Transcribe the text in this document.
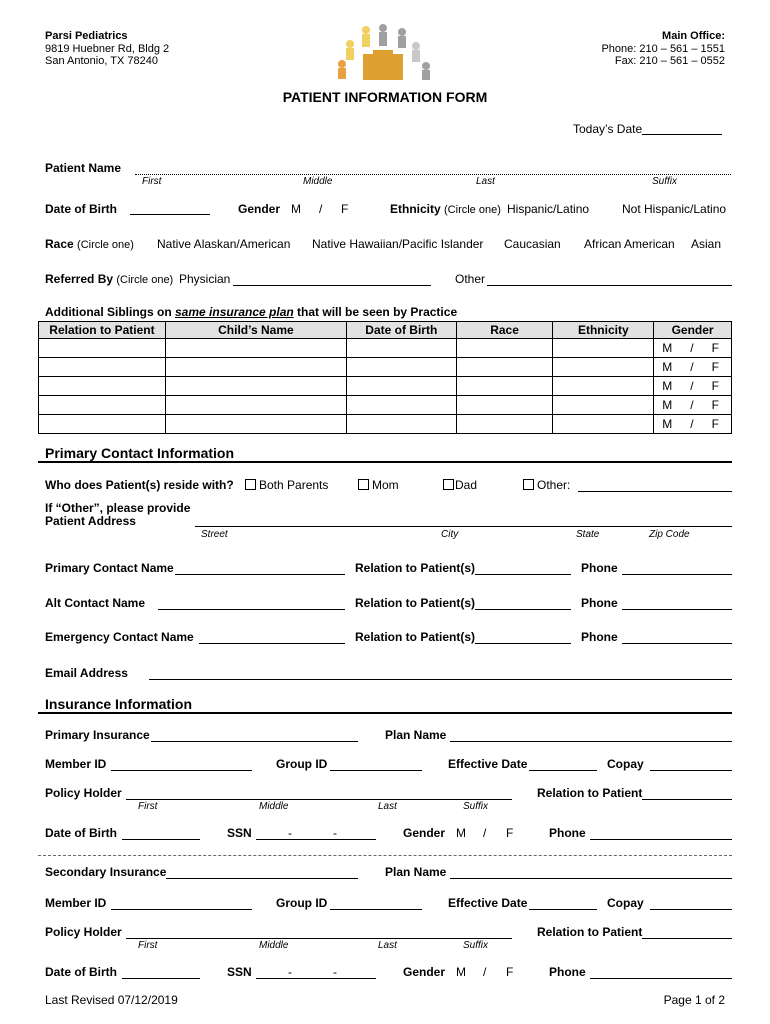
Parsi Pediatrics
9819 Huebner Rd, Bldg 2
San Antonio, TX 78240
Main Office:
Phone: 210 – 561 – 1551
Fax: 210 – 561 – 0552
PATIENT INFORMATION FORM
Today’s Date
Patient Name
First	Middle	Last	Suffix
Date of Birth	Gender M / F	Ethnicity (Circle one) Hispanic/Latino	Not Hispanic/Latino
Race (Circle one) Native Alaskan/American Native Hawaiian/Pacific Islander Caucasian African American Asian
Referred By (Circle one) Physician	Other
Additional Siblings on same insurance plan that will be seen by Practice
Relation to Patient	Child’s Name	Date of Birth	Race	Ethnicity	Gender

					M / F

					M / F

					M / F

					M / F

					M / F
Primary Contact Information
Who does Patient(s) reside with?	Both Parents	Mom	Dad	Other:
If “Other”, please provide
Patient Address
Street	City	State	Zip Code
Primary Contact Name	Relation to Patient(s)	Phone
Alt Contact Name	Relation to Patient(s)	Phone
Emergency Contact Name	Relation to Patient(s)	Phone
Email Address
Insurance Information
Primary Insurance	Plan Name
Member ID	Group ID	Effective Date	Copay
Policy Holder
First	Middle	Last	Suffix
Relation to Patient
Date of Birth	SSN	-	-	Gender M / F	Phone
Secondary Insurance	Plan Name
Member ID	Group ID	Effective Date	Copay
Policy Holder
First	Middle	Last	Suffix
Relation to Patient
Date of Birth	SSN	-	-	Gender M / F	Phone
Last Revised 07/12/2019	Page 1 of 2
